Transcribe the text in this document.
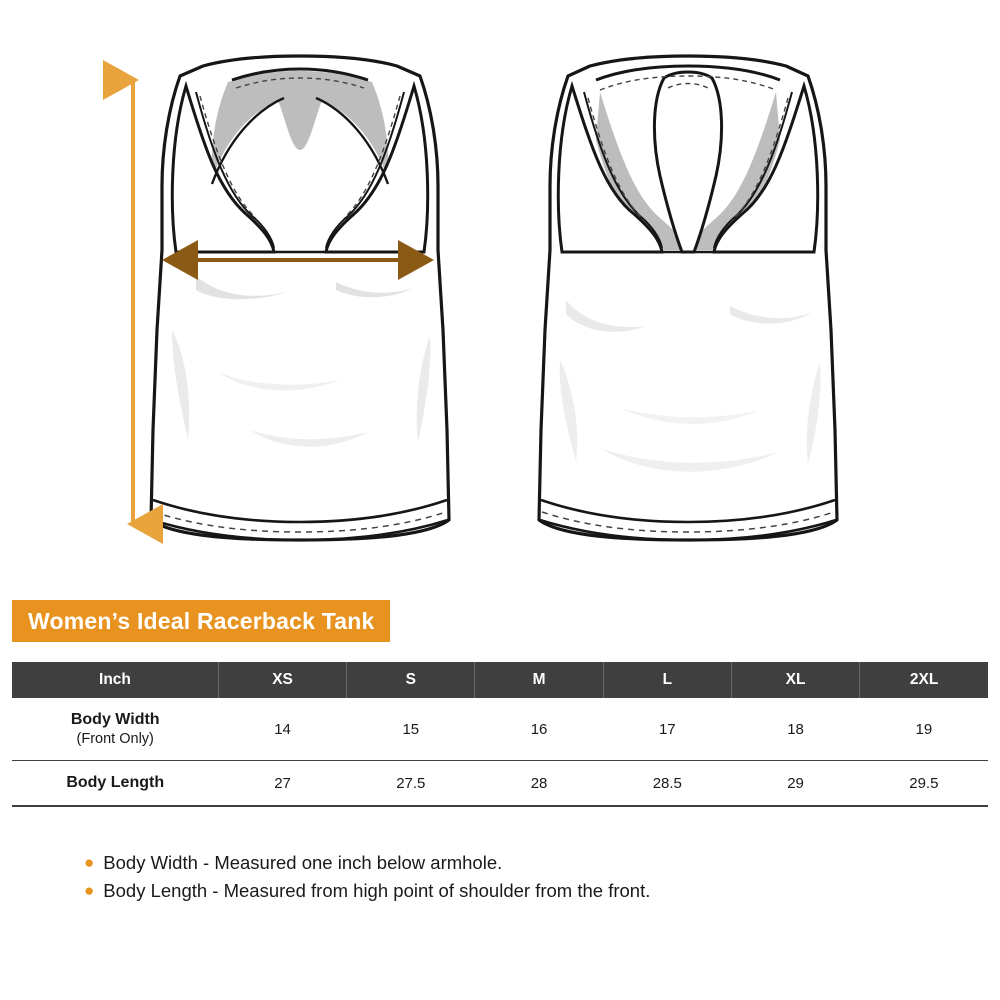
Women’s Ideal Racerback Tank
Inch	XS	S	M	L	XL	2XL
Body Width
(Front Only)	14	15	16	17	18	19
Body Length	27	27.5	28	28.5	29	29.5
● Body Width - Measured one inch below armhole.
● Body Length - Measured from high point of shoulder from the front.
